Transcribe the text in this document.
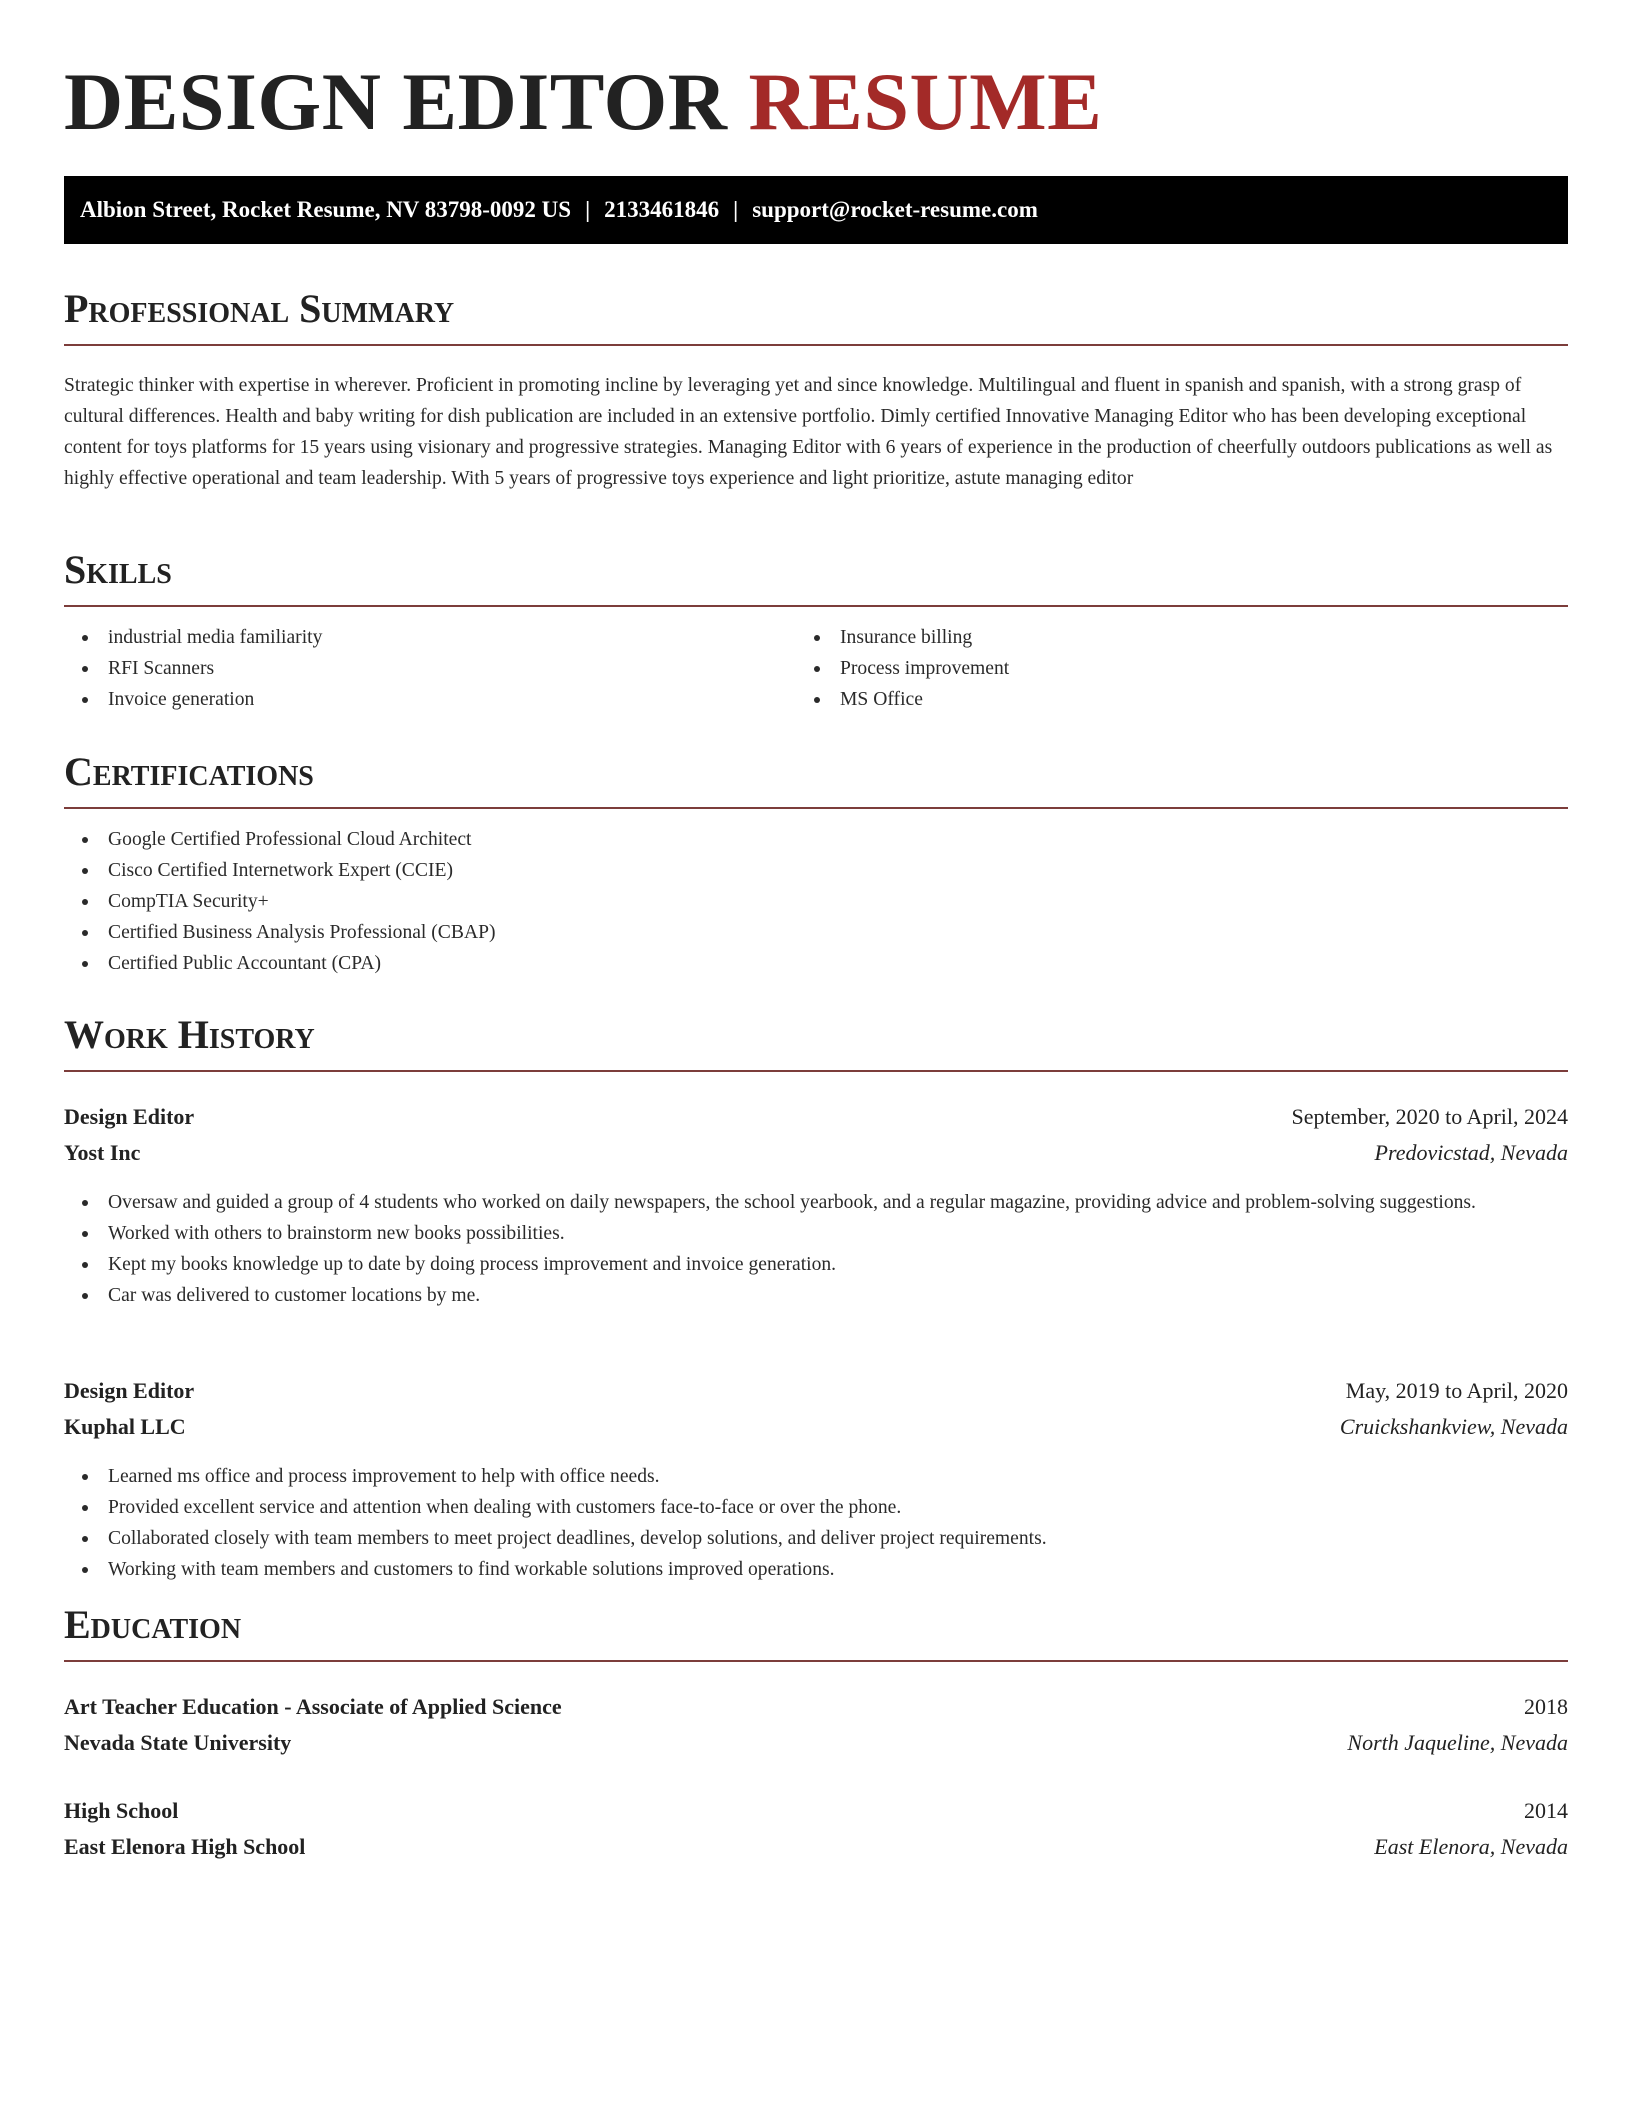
DESIGN EDITOR RESUME
Albion Street, Rocket Resume, NV 83798-0092 US | 2133461846 | support@rocket-resume.com
Professional Summary

Strategic thinker with expertise in wherever. Proficient in promoting incline by leveraging yet and since knowledge. Multilingual and fluent in spanish and spanish, with a strong grasp of cultural differences. Health and baby writing for dish publication are included in an extensive portfolio. Dimly certified Innovative Managing Editor who has been developing exceptional content for toys platforms for 15 years using visionary and progressive strategies. Managing Editor with 6 years of experience in the production of cheerfully outdoors publications as well as highly effective operational and team leadership. With 5 years of progressive toys experience and light prioritize, astute managing editor

Skills
industrial media familiarity
RFI Scanners
Invoice generation
Insurance billing
Process improvement
MS Office
Certifications
Google Certified Professional Cloud Architect
Cisco Certified Internetwork Expert (CCIE)
CompTIA Security+
Certified Business Analysis Professional (CBAP)
Certified Public Accountant (CPA)
Work History
Design Editor	September, 2020 to April, 2024
Yost Inc	Predovicstad, Nevada
Oversaw and guided a group of 4 students who worked on daily newspapers, the school yearbook, and a regular magazine, providing advice and problem-solving suggestions.
Worked with others to brainstorm new books possibilities.
Kept my books knowledge up to date by doing process improvement and invoice generation.
Car was delivered to customer locations by me.
Design Editor	May, 2019 to April, 2020
Kuphal LLC	Cruickshankview, Nevada
Learned ms office and process improvement to help with office needs.
Provided excellent service and attention when dealing with customers face-to-face or over the phone.
Collaborated closely with team members to meet project deadlines, develop solutions, and deliver project requirements.
Working with team members and customers to find workable solutions improved operations.
Education
Art Teacher Education - Associate of Applied Science	2018
Nevada State University	North Jaqueline, Nevada
High School	2014
East Elenora High School	East Elenora, Nevada
